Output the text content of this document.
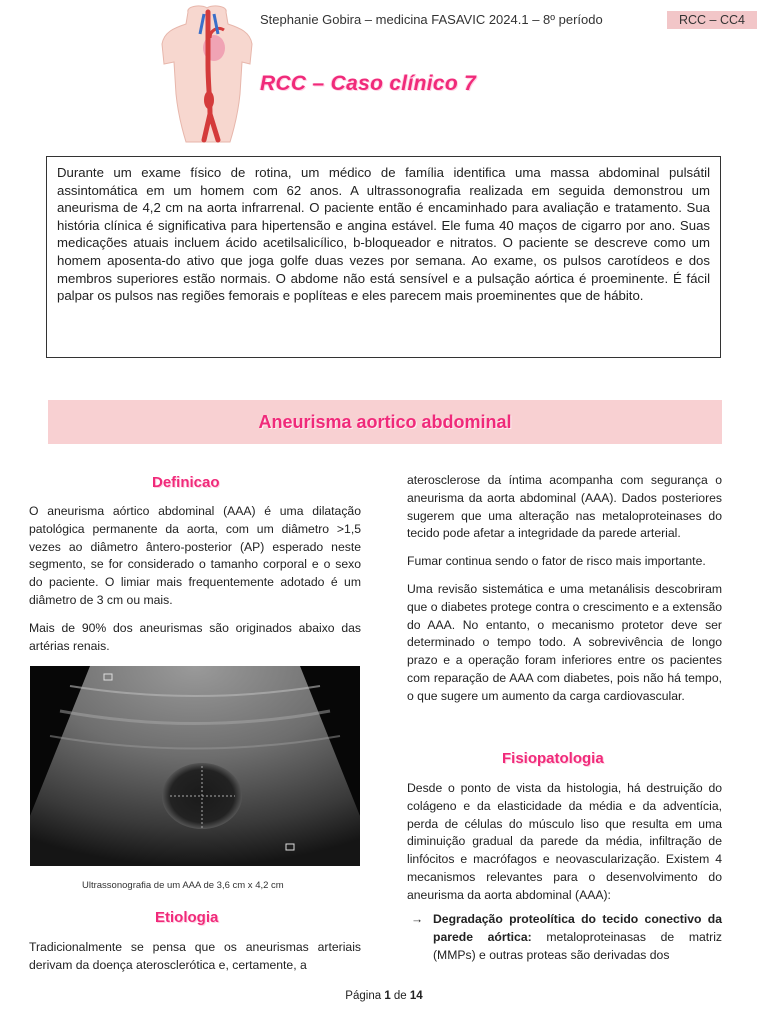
Stephanie Gobira – medicina FASAVIC 2024.1 – 8º período	RCC – CC4
RCC – Caso clínico 7
Durante um exame físico de rotina, um médico de família identifica uma massa abdominal pulsátil assintomática em um homem com 62 anos. A ultrassonografia realizada em seguida demonstrou um aneurisma de 4,2 cm na aorta infrarrenal. O paciente então é encaminhado para avaliação e tratamento. Sua história clínica é significativa para hipertensão e angina estável. Ele fuma 40 maços de cigarro por ano. Suas medicações atuais incluem ácido acetilsalicílico, b-bloqueador e nitratos. O paciente se descreve como um homem aposenta-do ativo que joga golfe duas vezes por semana. Ao exame, os pulsos carotídeos e dos membros superiores estão normais. O abdome não está sensível e a pulsação aórtica é proeminente. É fácil palpar os pulsos nas regiões femorais e poplíteas e eles parecem mais proeminentes que de hábito.
Aneurisma aortico abdominal
Definicao

O aneurisma aórtico abdominal (AAA) é uma dilatação patológica permanente da aorta, com um diâmetro >1,5 vezes ao diâmetro ântero-posterior (AP) esperado neste segmento, se for considerado o tamanho corporal e o sexo do paciente. O limiar mais frequentemente adotado é um diâmetro de 3 cm ou mais.

Mais de 90% dos aneurismas são originados abaixo das artérias renais.

Ultrassonografia de um AAA de 3,6 cm x 4,2 cm
Etiologia
Tradicionalmente se pensa que os aneurismas arteriais derivam da doença aterosclerótica e, certamente, a

aterosclerose da íntima acompanha com segurança o aneurisma da aorta abdominal (AAA). Dados posteriores sugerem que uma alteração nas metaloproteinases do tecido pode afetar a integridade da parede arterial.

Fumar continua sendo o fator de risco mais importante.

Uma revisão sistemática e uma metanálisis descobriram que o diabetes protege contra o crescimento e a extensão do AAA. No entanto, o mecanismo protetor deve ser determinado o tempo todo. A sobrevivência de longo prazo e a operação foram inferiores entre os pacientes com reparação de AAA com diabetes, pois não há tempo, o que sugere um aumento da carga cardiovascular.

Fisiopatologia
Desde o ponto de vista da histologia, há destruição do colágeno e da elasticidade da média e da adventícia, perda de células do músculo liso que resulta em uma diminuição gradual da parede da média, infiltração de linfócitos e macrófagos e neovascularização. Existem 4 mecanismos relevantes para o desenvolvimento do aneurisma da aorta abdominal (AAA):
→ Degradação proteolítica do tecido conectivo da parede aórtica: metaloproteinasas de matriz (MMPs) e outras proteas são derivadas dos
Página 1 de 14
